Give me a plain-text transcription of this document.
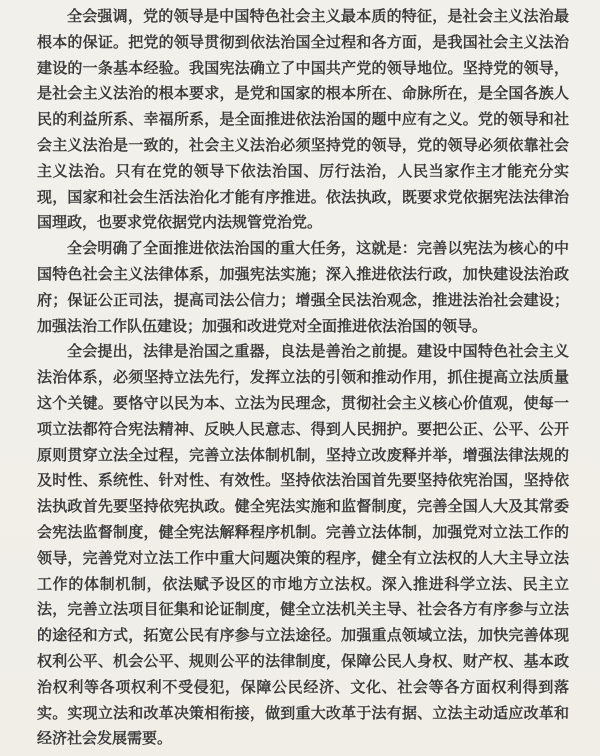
全会强调，党的领导是中国特色社会主义最本质的特征，是社会主义法治最根本的保证。把党的领导贯彻到依法治国全过程和各方面，是我国社会主义法治建设的一条基本经验。我国宪法确立了中国共产党的领导地位。坚持党的领导，是社会主义法治的根本要求，是党和国家的根本所在、命脉所在，是全国各族人民的利益所系、幸福所系，是全面推进依法治国的题中应有之义。党的领导和社会主义法治是一致的，社会主义法治必须坚持党的领导，党的领导必须依靠社会主义法治。只有在党的领导下依法治国、厉行法治，人民当家作主才能充分实现，国家和社会生活法治化才能有序推进。依法执政，既要求党依据宪法法律治国理政，也要求党依据党内法规管党治党。

全会明确了全面推进依法治国的重大任务，这就是：完善以宪法为核心的中国特色社会主义法律体系，加强宪法实施；深入推进依法行政，加快建设法治政府；保证公正司法，提高司法公信力；增强全民法治观念，推进法治社会建设；加强法治工作队伍建设；加强和改进党对全面推进依法治国的领导。

全会提出，法律是治国之重器，良法是善治之前提。建设中国特色社会主义法治体系，必须坚持立法先行，发挥立法的引领和推动作用，抓住提高立法质量这个关键。要恪守以民为本、立法为民理念，贯彻社会主义核心价值观，使每一项立法都符合宪法精神、反映人民意志、得到人民拥护。要把公正、公平、公开原则贯穿立法全过程，完善立法体制机制，坚持立改废释并举，增强法律法规的及时性、系统性、针对性、有效性。坚持依法治国首先要坚持依宪治国，坚持依法执政首先要坚持依宪执政。健全宪法实施和监督制度，完善全国人大及其常委会宪法监督制度，健全宪法解释程序机制。完善立法体制，加强党对立法工作的领导，完善党对立法工作中重大问题决策的程序，健全有立法权的人大主导立法工作的体制机制，依法赋予设区的市地方立法权。深入推进科学立法、民主立法，完善立法项目征集和论证制度，健全立法机关主导、社会各方有序参与立法的途径和方式，拓宽公民有序参与立法途径。加强重点领域立法，加快完善体现权利公平、机会公平、规则公平的法律制度，保障公民人身权、财产权、基本政治权利等各项权利不受侵犯，保障公民经济、文化、社会等各方面权利得到落实。实现立法和改革决策相衔接，做到重大改革于法有据、立法主动适应改革和经济社会发展需要。
